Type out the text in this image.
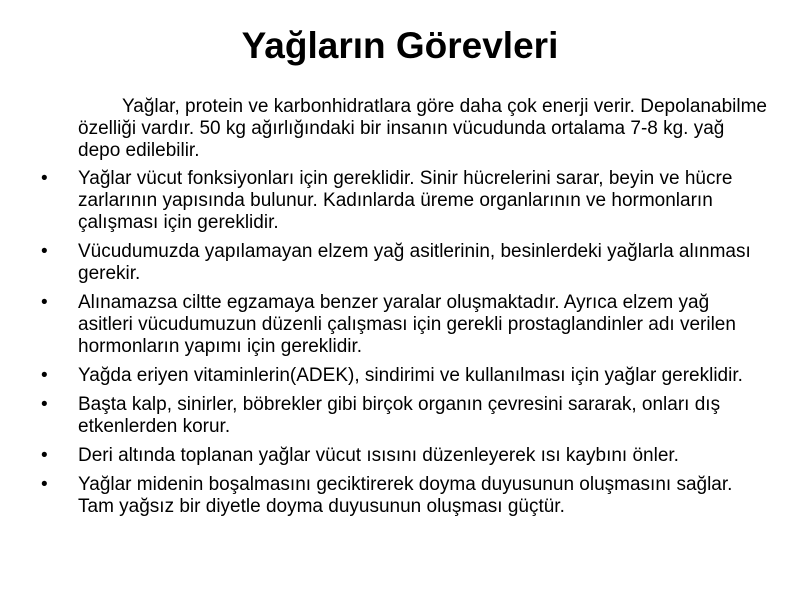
Yağların Görevleri
Yağlar, protein ve karbonhidratlara göre daha çok enerji verir. Depolanabilme özelliği vardır. 50 kg ağırlığındaki bir insanın vücudunda ortalama 7-8 kg. yağ depo edilebilir.
• Yağlar vücut fonksiyonları için gereklidir. Sinir hücrelerini sarar, beyin ve hücre zarlarının yapısında bulunur. Kadınlarda üreme organlarının ve hormonların çalışması için gereklidir.
• Vücudumuzda yapılamayan elzem yağ asitlerinin, besinlerdeki yağlarla alınması gerekir.
• Alınamazsa ciltte egzamaya benzer yaralar oluşmaktadır. Ayrıca elzem yağ asitleri vücudumuzun düzenli çalışması için gerekli prostaglandinler adı verilen hormonların yapımı için gereklidir.
• Yağda eriyen vitaminlerin(ADEK), sindirimi ve kullanılması için yağlar gereklidir.
• Başta kalp, sinirler, böbrekler gibi birçok organın çevresini sararak, onları dış etkenlerden korur.
• Deri altında toplanan yağlar vücut ısısını düzenleyerek ısı kaybını önler.
• Yağlar midenin boşalmasını geciktirerek doyma duyusunun oluşmasını sağlar. Tam yağsız bir diyetle doyma duyusunun oluşması güçtür.
